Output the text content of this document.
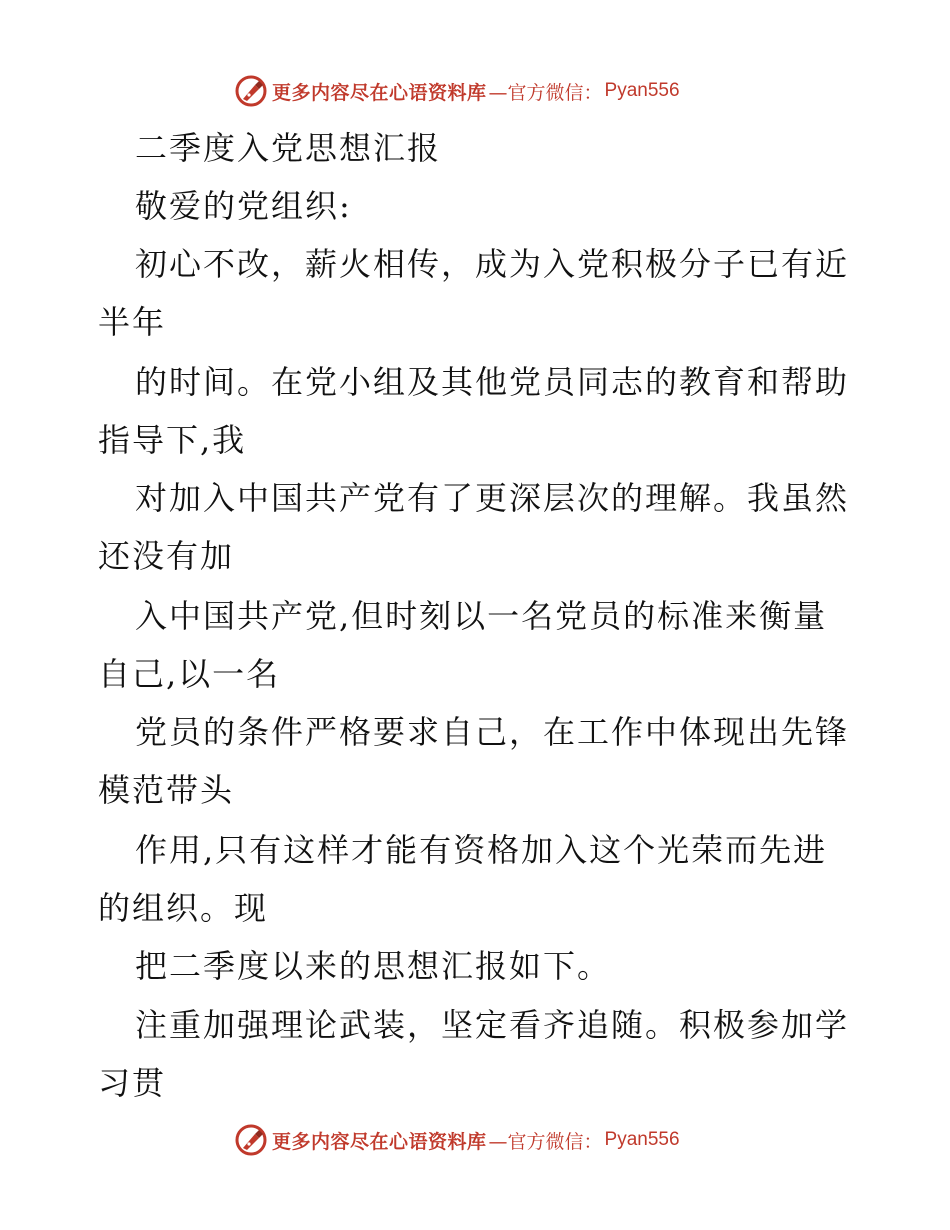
更多内容尽在心语资料库 —官方微信： Pyan556
二季度入党思想汇报
敬爱的党组织:
初心不改，薪火相传，成为入党积极分子已有近
半年
的时间。在党小组及其他党员同志的教育和帮助
指导下,我
对加入中国共产党有了更深层次的理解。我虽然
还没有加
入中国共产党,但时刻以一名党员的标准来衡量
自己,以一名
党员的条件严格要求自己，在工作中体现出先锋
模范带头
作用,只有这样才能有资格加入这个光荣而先进
的组织。现
把二季度以来的思想汇报如下。
注重加强理论武装，坚定看齐追随。积极参加学
习贯
更多内容尽在心语资料库 —官方微信： Pyan556
